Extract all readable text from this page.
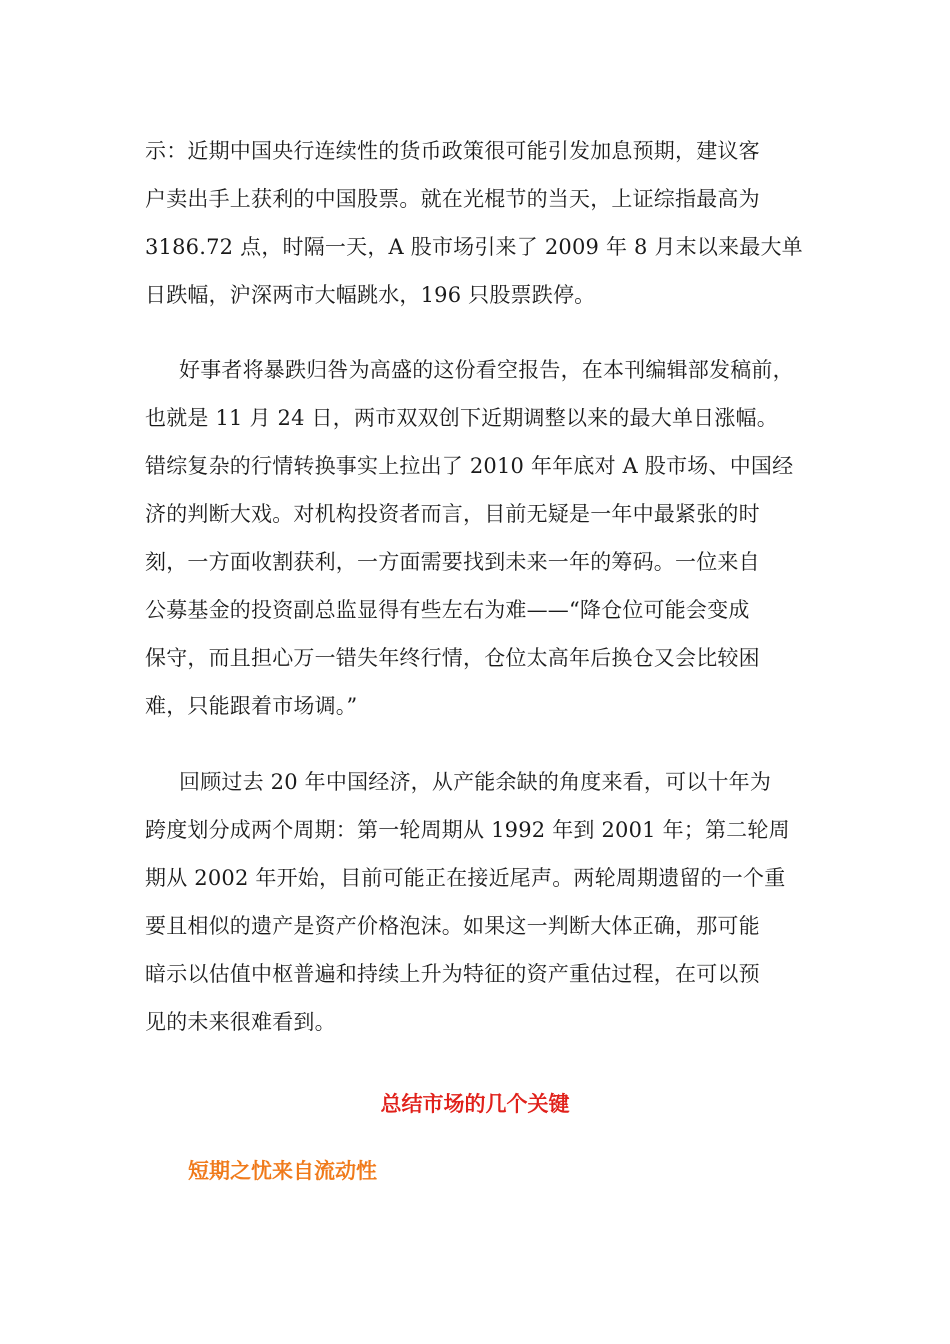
示：近期中国央行连续性的货币政策很可能引发加息预期，建议客
户卖出手上获利的中国股票。就在光棍节的当天，上证综指最高为
3186.72 点，时隔一天，A 股市场引来了 2009 年 8 月末以来最大单
日跌幅，沪深两市大幅跳水，196 只股票跌停。
好事者将暴跌归咎为高盛的这份看空报告，在本刊编辑部发稿前，
也就是 11 月 24 日，两市双双创下近期调整以来的最大单日涨幅。
错综复杂的行情转换事实上拉出了 2010 年年底对 A 股市场、中国经
济的判断大戏。对机构投资者而言，目前无疑是一年中最紧张的时
刻，一方面收割获利，一方面需要找到未来一年的筹码。一位来自
公募基金的投资副总监显得有些左右为难——“降仓位可能会变成
保守，而且担心万一错失年终行情，仓位太高年后换仓又会比较困
难，只能跟着市场调。”
回顾过去 20 年中国经济，从产能余缺的角度来看，可以十年为
跨度划分成两个周期：第一轮周期从 1992 年到 2001 年；第二轮周
期从 2002 年开始，目前可能正在接近尾声。两轮周期遗留的一个重
要且相似的遗产是资产价格泡沫。如果这一判断大体正确，那可能
暗示以估值中枢普遍和持续上升为特征的资产重估过程，在可以预
见的未来很难看到。
总结市场的几个关键
短期之忧来自流动性
